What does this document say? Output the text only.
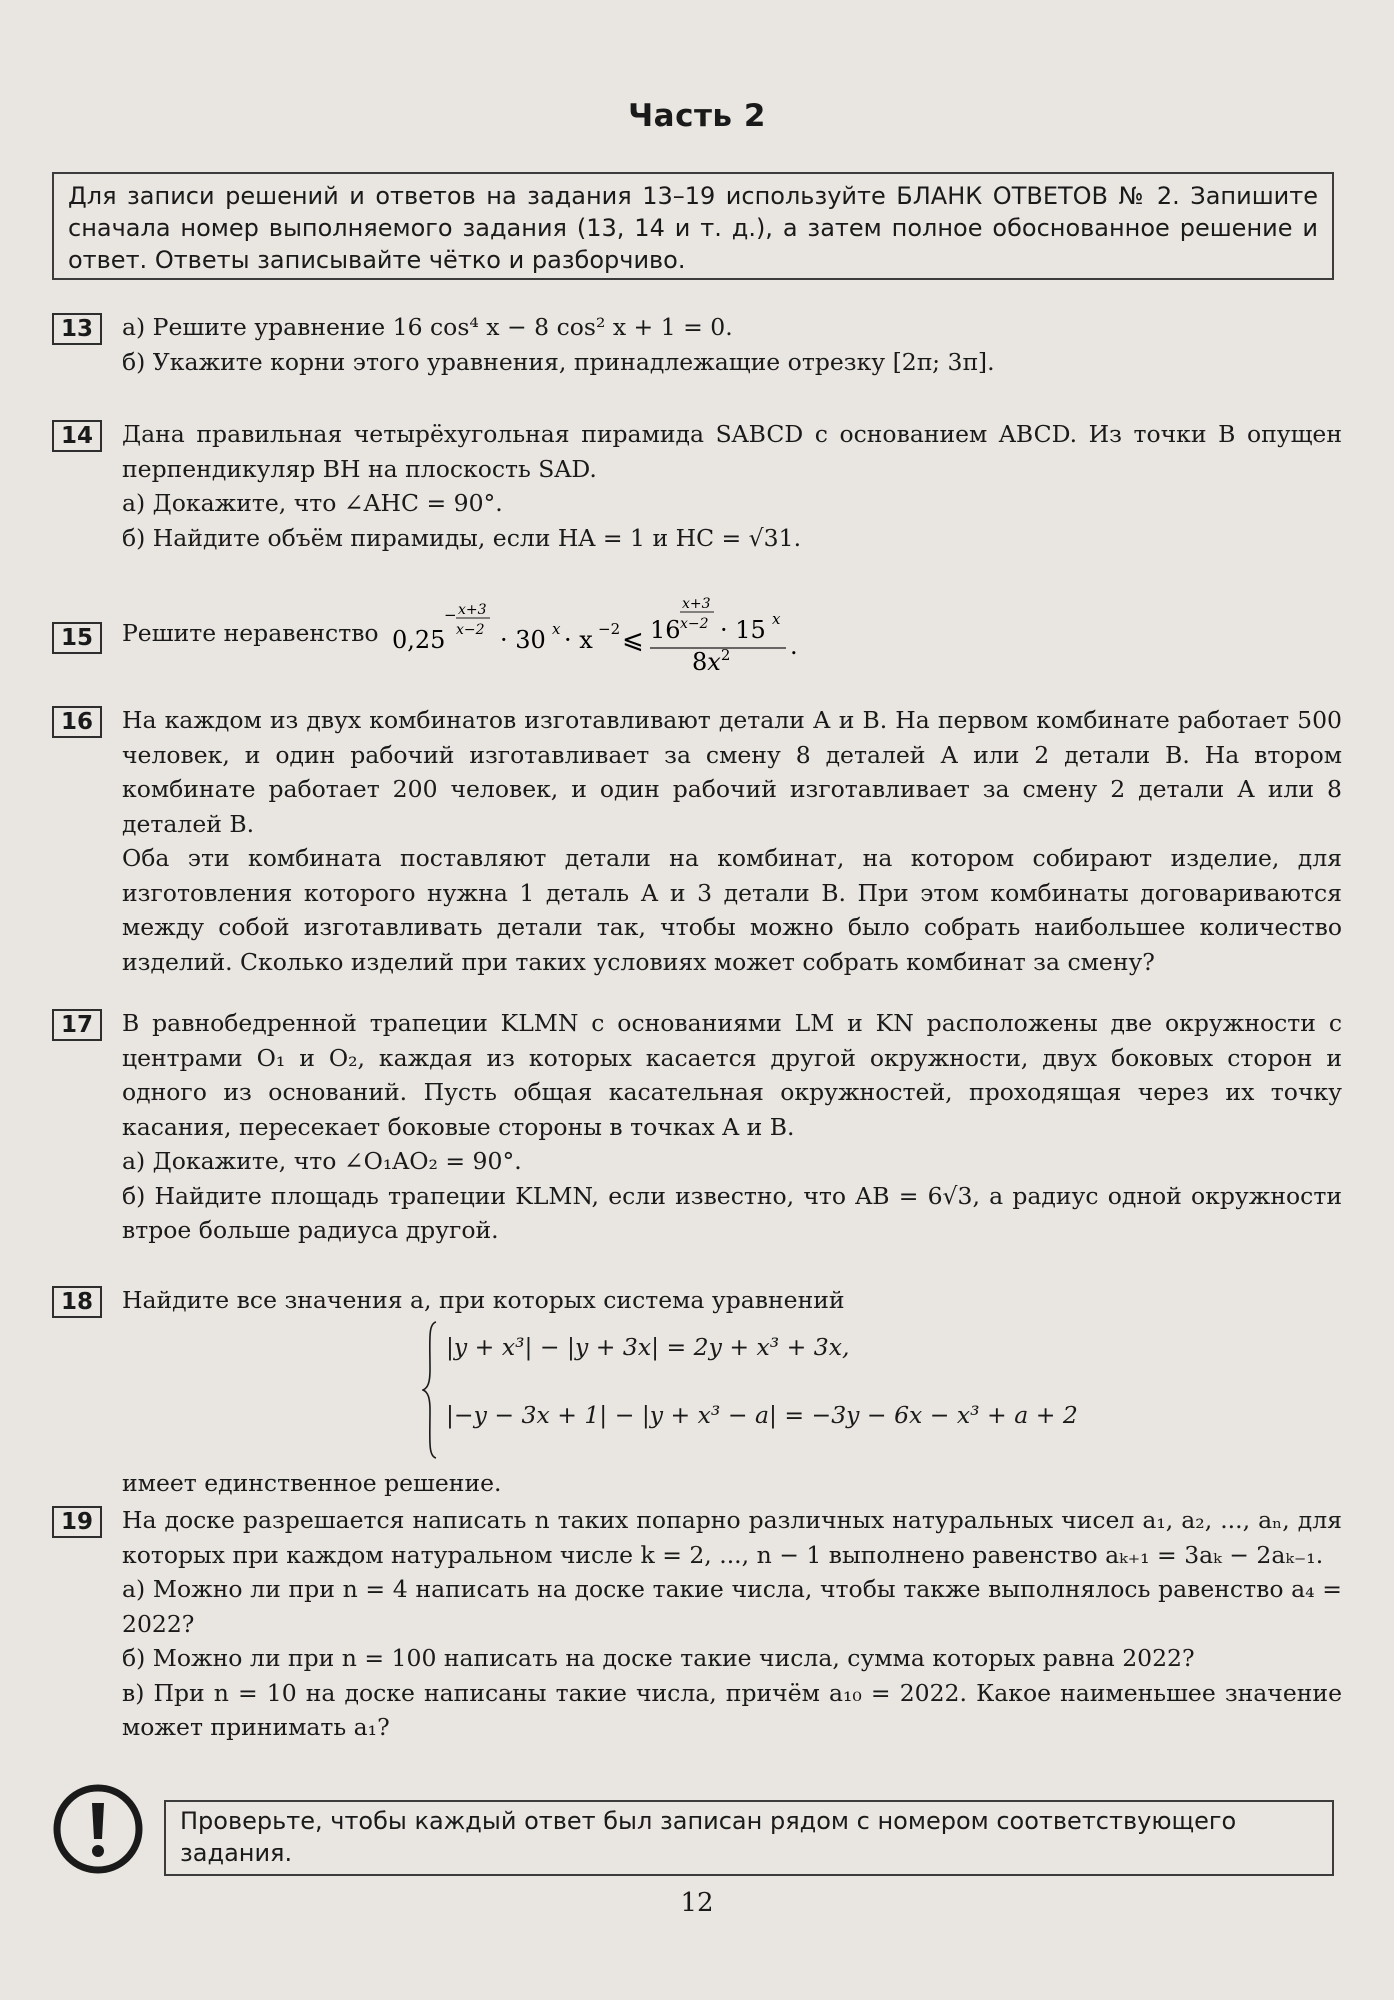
Часть 2
Для записи решений и ответов на задания 13–19 используйте БЛАНК ОТВЕТОВ № 2. Запишите сначала номер выполняемого задания (13, 14 и т. д.), а затем полное обоснованное решение и ответ. Ответы записывайте чётко и разборчиво.
13	а) Решите уравнение 16 cos⁴ x − 8 cos² x + 1 = 0.

б) Укажите корни этого уравнения, принадлежащие отрезку [2π; 3π].

14	Дана правильная четырёхугольная пирамида SABCD с основанием ABCD. Из точки B опущен перпендикуляр BH на плоскость SAD.

а) Докажите, что ∠AHC = 90°.

б) Найдите объём пирамиды, если HA = 1 и HC = √31.

15	Решите неравенство 0,25
− x+3
x−2 · 30 x · x −2 ⩽ 16
x+3
x−2 · 15 x
$8x^2$ .
16	На каждом из двух комбинатов изготавливают детали А и В. На первом комбинате работает 500 человек, и один рабочий изготавливает за смену 8 деталей А или 2 детали В. На втором комбинате работает 200 человек, и один рабочий изготавливает за смену 2 детали А или 8 деталей В.

Оба эти комбината поставляют детали на комбинат, на котором собирают изделие, для изготовления которого нужна 1 деталь А и 3 детали В. При этом комбинаты договариваются между собой изготавливать детали так, чтобы можно было собрать наибольшее количество изделий. Сколько изделий при таких условиях может собрать комбинат за смену?

17	В равнобедренной трапеции KLMN с основаниями LM и KN расположены две окружности с центрами O₁ и O₂, каждая из которых касается другой окружности, двух боковых сторон и одного из оснований. Пусть общая касательная окружностей, проходящая через их точку касания, пересекает боковые стороны в точках A и B.

а) Докажите, что ∠O₁AO₂ = 90°.

б) Найдите площадь трапеции KLMN, если известно, что AB = 6√3, а радиус одной окружности втрое больше радиуса другой.

18	Найдите все значения a, при которых система уравнений

|y + x³| − |y + 3x| = 2y + x³ + 3x,
|−y − 3x + 1| − |y + x³ − a| = −3y − 6x − x³ + a + 2

имеет единственное решение.

19	На доске разрешается написать n таких попарно различных натуральных чисел a₁, a₂, ..., aₙ, для которых при каждом натуральном числе k = 2, ..., n − 1 выполнено равенство aₖ₊₁ = 3aₖ − 2aₖ₋₁.

а) Можно ли при n = 4 написать на доске такие числа, чтобы также выполнялось равенство a₄ = 2022?

б) Можно ли при n = 100 написать на доске такие числа, сумма которых равна 2022?

в) При n = 10 на доске написаны такие числа, причём a₁₀ = 2022. Какое наименьшее значение может принимать a₁?

Проверьте, чтобы каждый ответ был записан рядом с номером соответствующего задания.
12
